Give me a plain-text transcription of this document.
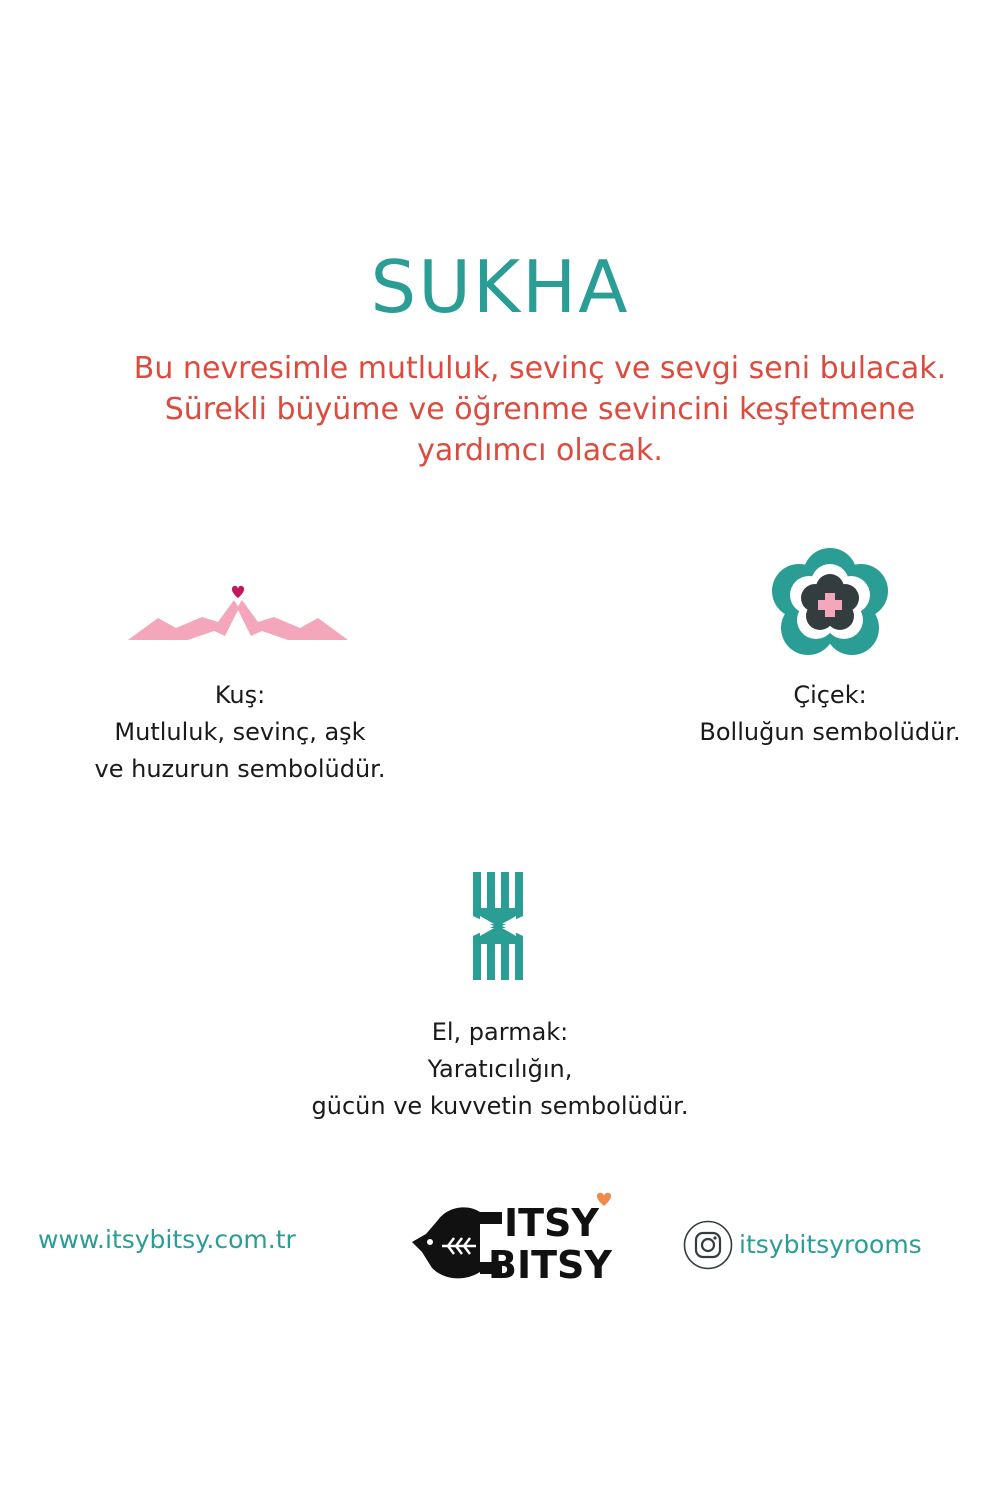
SUKHA
Bu nevresimle mutluluk, sevinç ve sevgi seni bulacak.
Sürekli büyüme ve öğrenme sevincini keşfetmene
yardımcı olacak.
Kuş:
Mutluluk, sevinç, aşk
ve huzurun sembolüdür.
Çiçek:
Bolluğun sembolüdür.
El, parmak:
Yaratıcılığın,
gücün ve kuvvetin sembolüdür.
www.itsybitsy.com.tr	ITSY
BITSY	itsybitsyrooms
